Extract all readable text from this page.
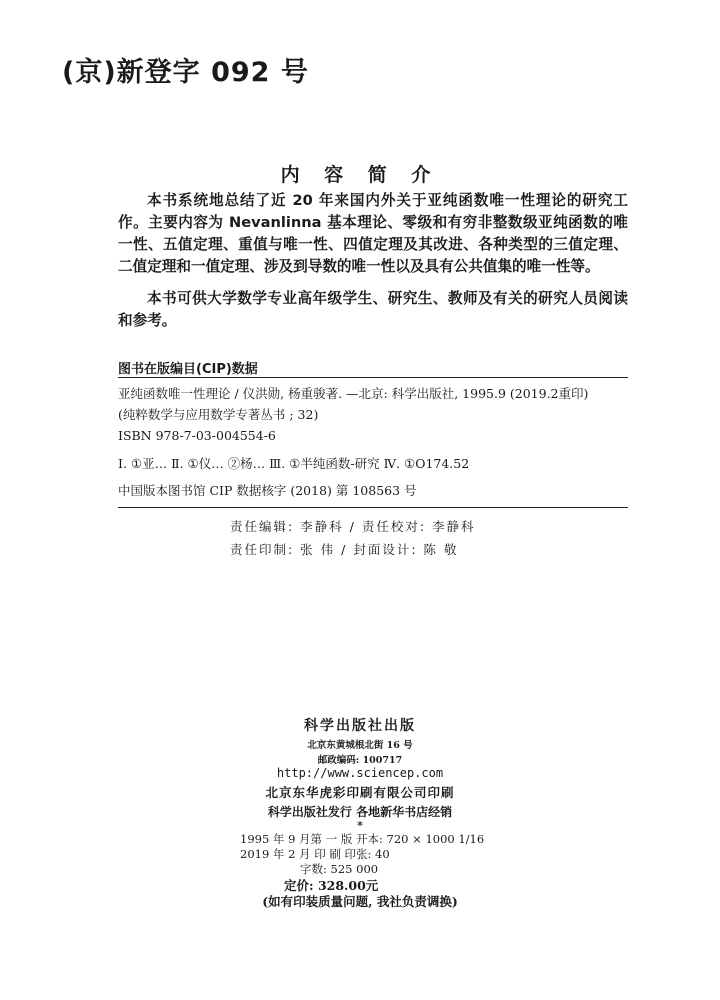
(京)新登字 092 号
内 容 简 介
本书系统地总结了近 20 年来国内外关于亚纯函数唯一性理论的研究工作。主要内容为 Nevanlinna 基本理论、零级和有穷非整数级亚纯函数的唯一性、五值定理、重值与唯一性、四值定理及其改进、各种类型的三值定理、二值定理和一值定理、涉及到导数的唯一性以及具有公共值集的唯一性等。
本书可供大学数学专业高年级学生、研究生、教师及有关的研究人员阅读和参考。
图书在版编目(CIP)数据
亚纯函数唯一性理论 / 仪洪勋, 杨重骏著. —北京: 科学出版社, 1995.9 (2019.2重印)
(纯粹数学与应用数学专著丛书 ; 32)
ISBN 978-7-03-004554-6
Ⅰ. ①亚… Ⅱ. ①仪… ②杨… Ⅲ. ①半纯函数-研究 Ⅳ. ①O174.52
中国版本图书馆 CIP 数据核字 (2018) 第 108563 号
责任编辑: 李静科 / 责任校对: 李静科
责任印制: 张 伟 / 封面设计: 陈 敬
科学出版社出版
北京东黄城根北街 16 号
邮政编码: 100717
http://www.sciencep.com
北京东华虎彩印刷有限公司印刷
科学出版社发行 各地新华书店经销
*
1995 年 9 月第 一 版 开本: 720 × 1000 1/16
2019 年 2 月 印 刷 印张: 40
字数: 525 000
定价: 328.00元
(如有印装质量问题, 我社负责调换)
